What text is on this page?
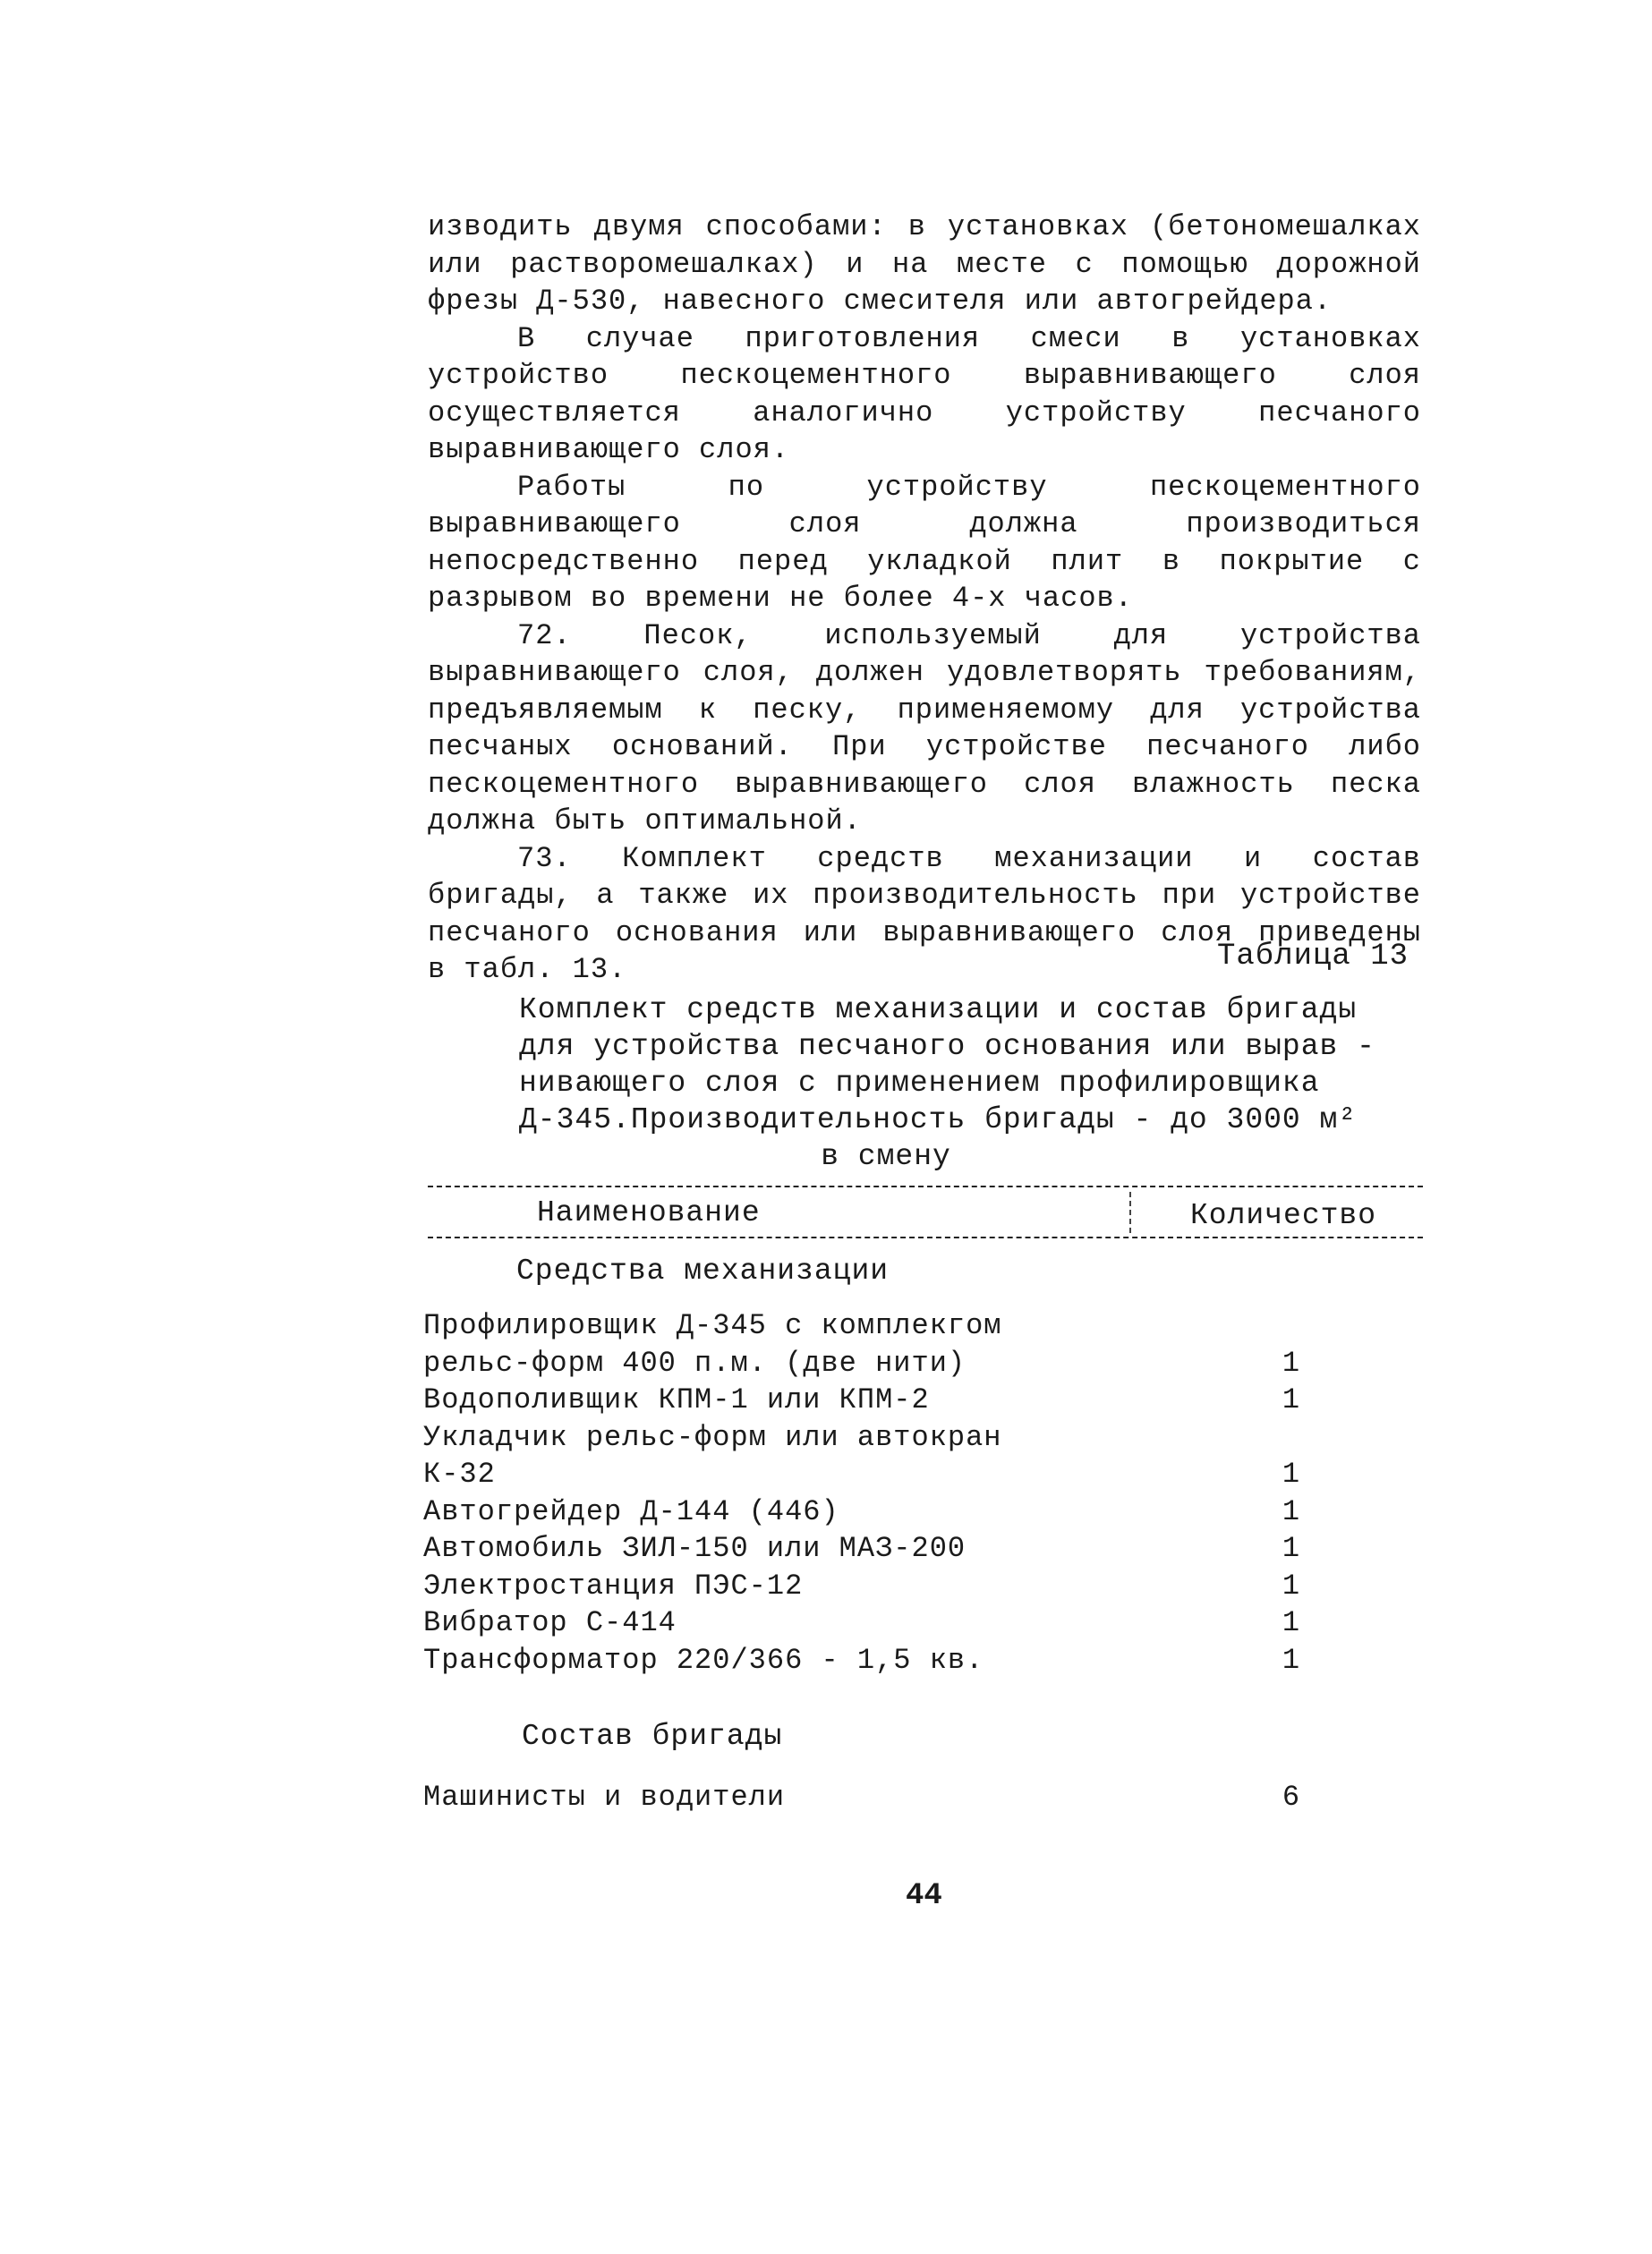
изводить двумя способами: в установках (бетономешалках или растворомешалках) и на месте с помощью дорожной фрезы Д-530, навесного смесителя или автогрейдера.

В случае приготовления смеси в установках устройство пескоцементного выравнивающего слоя осуществляется аналогично устройству песчаного выравнивающего слоя.

Работы по устройству пескоцементного выравнивающего слоя должна производиться непосредственно перед укладкой плит в покрытие с разрывом во времени не более 4-х часов.

72. Песок, используемый для устройства выравнивающего слоя, должен удовлетворять требованиям, предъявляемым к песку, применяемому для устройства песчаных оснований. При устройстве песчаного либо пескоцементного выравнивающего слоя влажность песка должна быть оптимальной.

73. Комплект средств механизации и состав бригады, а также их производительность при устройстве песчаного основания или выравнивающего слоя приведены в табл. 13.	Таблица 13
Комплект средств механизации и состав бригады
для устройства песчаного основания или вырав -
нивающего слоя с применением профилировщика
Д-345.Производительность бригады - до 3000 м²
в смену
Наименование	Количество
Средства механизации
Профилировщик Д-345 с комплекгом
рельс-форм 400 п.м. (две нити)	1
Водополивщик КПМ-1 или КПМ-2	1
Укладчик рельс-форм или автокран
К-32	1
Автогрейдер Д-144 (446)	1
Автомобиль ЗИЛ-150 или МАЗ-200	1
Электростанция ПЭС-12	1
Вибратор С-414	1
Трансформатор 220/366 - 1,5 кв.	1
Состав бригады
Машинисты и водители	6
44
